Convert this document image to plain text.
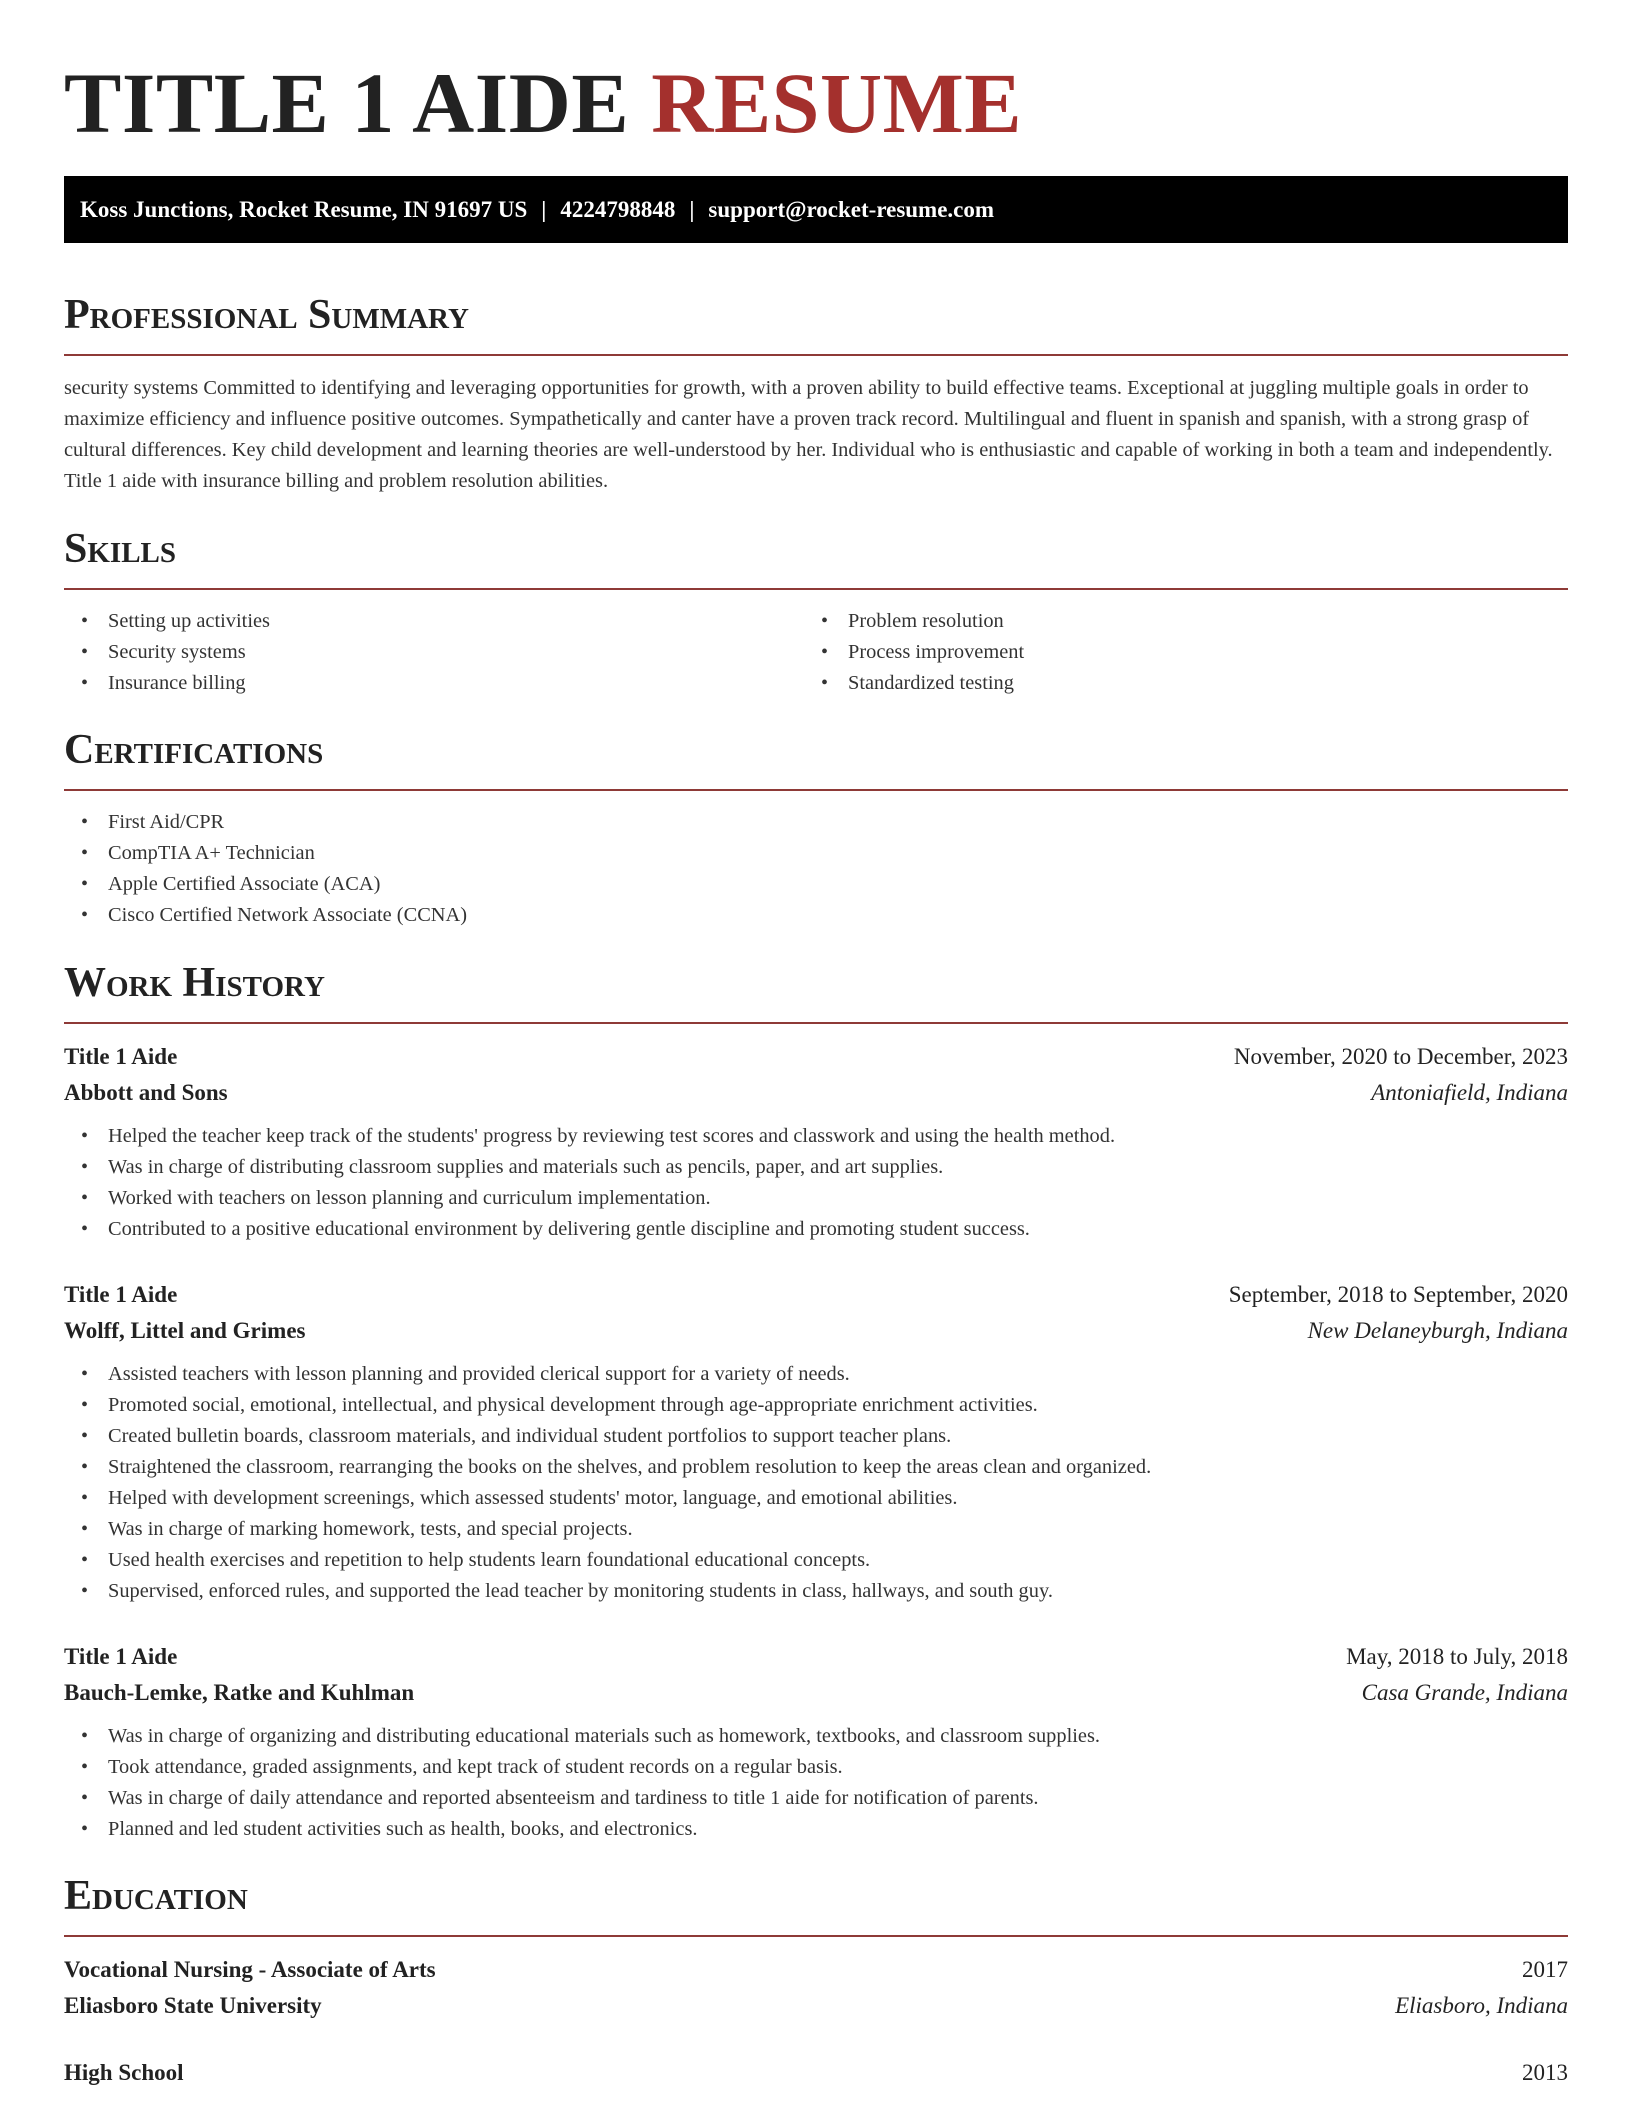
TITLE 1 AIDE RESUME
Koss Junctions, Rocket Resume, IN 91697 US | 4224798848 | support@rocket-resume.com
Professional Summary

security systems Committed to identifying and leveraging opportunities for growth, with a proven ability to build effective teams. Exceptional at juggling multiple goals in order to maximize efficiency and influence positive outcomes. Sympathetically and canter have a proven track record. Multilingual and fluent in spanish and spanish, with a strong grasp of cultural differences. Key child development and learning theories are well-understood by her. Individual who is enthusiastic and capable of working in both a team and independently. Title 1 aide with insurance billing and problem resolution abilities.

Skills
• Setting up activities
• Security systems
• Insurance billing
• Problem resolution
• Process improvement
• Standardized testing
Certifications
• First Aid/CPR
• CompTIA A+ Technician
• Apple Certified Associate (ACA)
• Cisco Certified Network Associate (CCNA)
Work History
Title 1 Aide	November, 2020 to December, 2023
Abbott and Sons	Antoniafield, Indiana
• Helped the teacher keep track of the students' progress by reviewing test scores and classwork and using the health method.
• Was in charge of distributing classroom supplies and materials such as pencils, paper, and art supplies.
• Worked with teachers on lesson planning and curriculum implementation.
• Contributed to a positive educational environment by delivering gentle discipline and promoting student success.
Title 1 Aide	September, 2018 to September, 2020
Wolff, Littel and Grimes	New Delaneyburgh, Indiana
• Assisted teachers with lesson planning and provided clerical support for a variety of needs.
• Promoted social, emotional, intellectual, and physical development through age-appropriate enrichment activities.
• Created bulletin boards, classroom materials, and individual student portfolios to support teacher plans.
• Straightened the classroom, rearranging the books on the shelves, and problem resolution to keep the areas clean and organized.
• Helped with development screenings, which assessed students' motor, language, and emotional abilities.
• Was in charge of marking homework, tests, and special projects.
• Used health exercises and repetition to help students learn foundational educational concepts.
• Supervised, enforced rules, and supported the lead teacher by monitoring students in class, hallways, and south guy.
Title 1 Aide	May, 2018 to July, 2018
Bauch-Lemke, Ratke and Kuhlman	Casa Grande, Indiana
• Was in charge of organizing and distributing educational materials such as homework, textbooks, and classroom supplies.
• Took attendance, graded assignments, and kept track of student records on a regular basis.
• Was in charge of daily attendance and reported absenteeism and tardiness to title 1 aide for notification of parents.
• Planned and led student activities such as health, books, and electronics.
Education
Vocational Nursing - Associate of Arts	2017
Eliasboro State University	Eliasboro, Indiana
High School	2013
